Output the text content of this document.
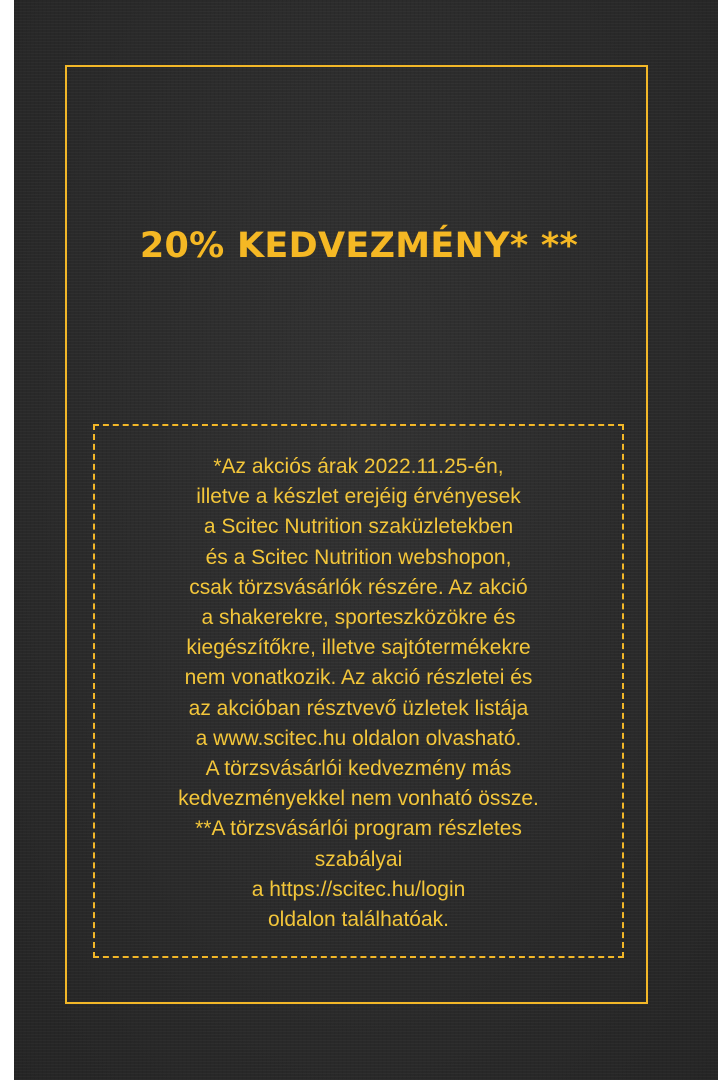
20% KEDVEZMÉNY* **
*Az akciós árak 2022.11.25-én,
illetve a készlet erejéig érvényesek
a Scitec Nutrition szaküzletekben
és a Scitec Nutrition webshopon,
csak törzsvásárlók részére. Az akció
a shakerekre, sporteszközökre és
kiegészítőkre, illetve sajtótermékekre
nem vonatkozik. Az akció részletei és
az akcióban résztvevő üzletek listája
a www.scitec.hu oldalon olvasható.
A törzsvásárlói kedvezmény más
kedvezményekkel nem vonható össze.
**A törzsvásárlói program részletes
szabályai
a https://scitec.hu/login
oldalon találhatóak.
